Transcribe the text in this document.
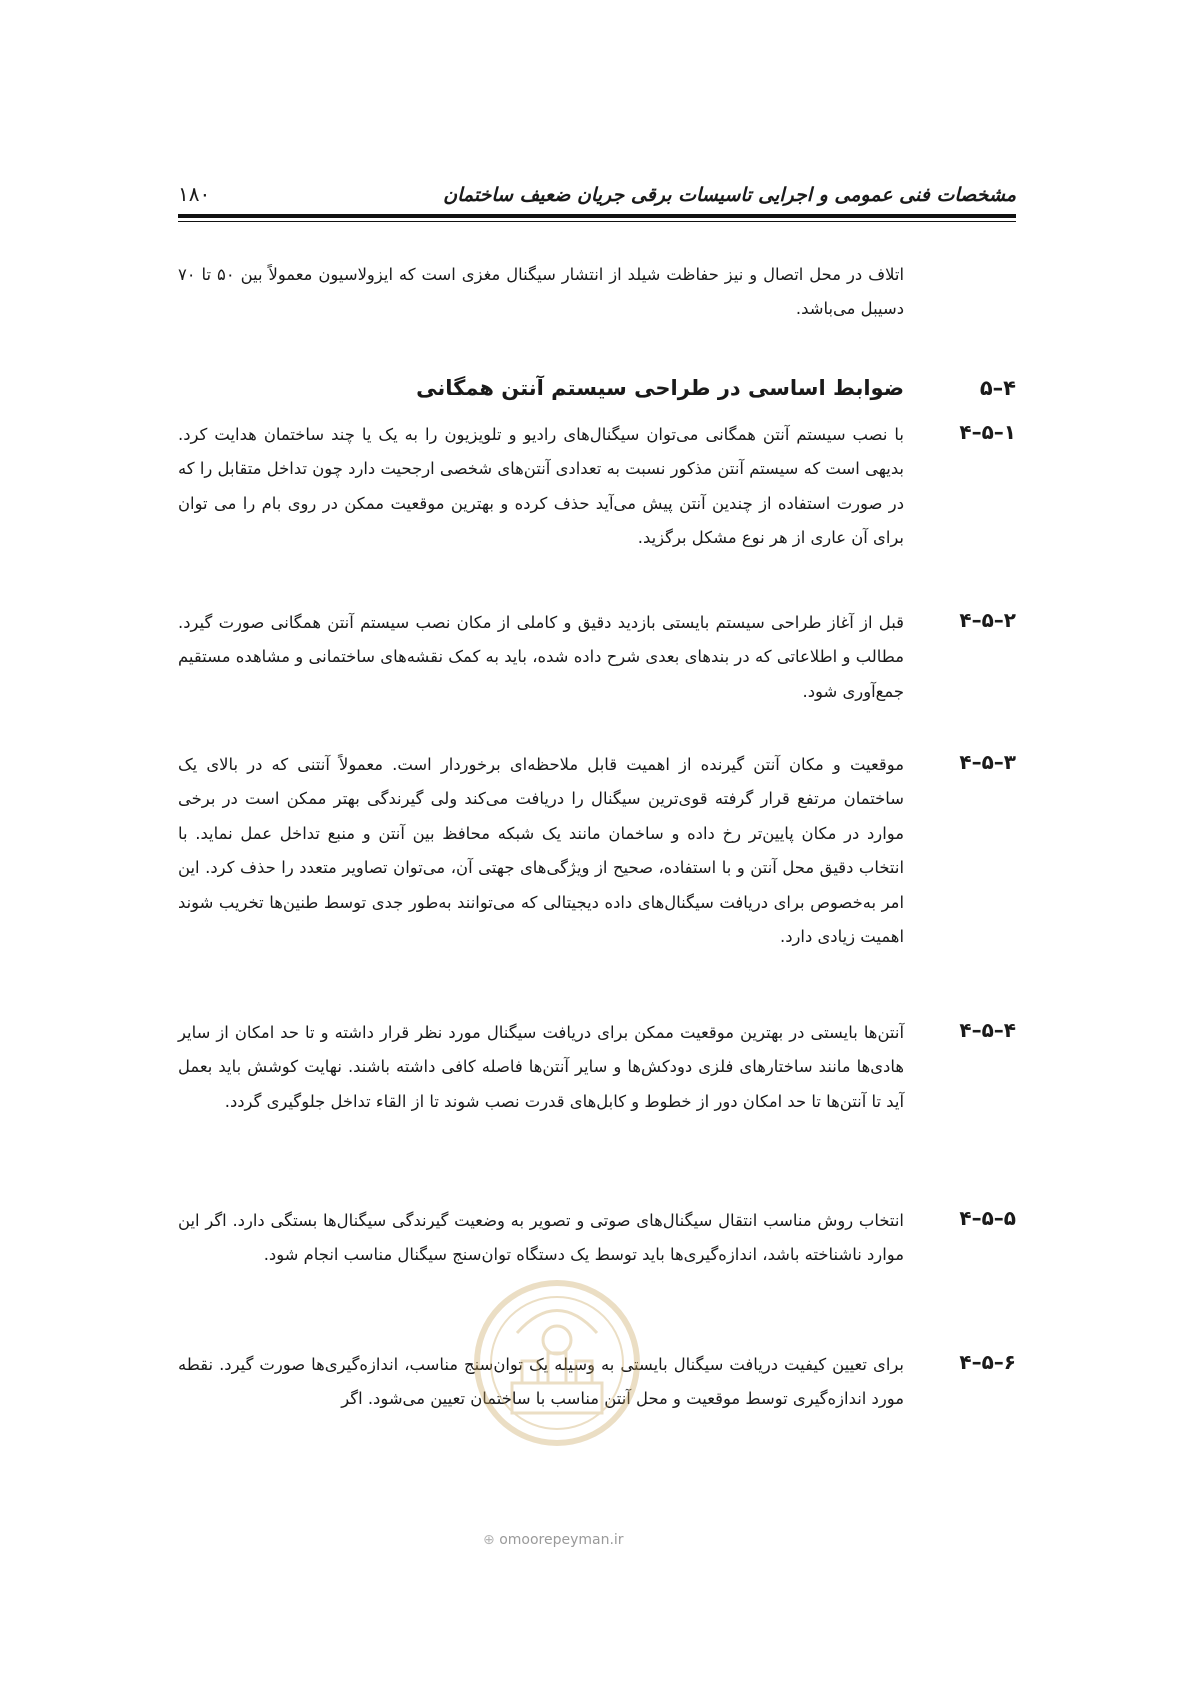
مشخصات فنی عمومی و اجرایی تاسیسات برقی جریان ضعیف ساختمان
۱۸۰

اتلاف در محل اتصال و نیز حفاظت شیلد از انتشار سیگنال مغزی است که ایزولاسیون معمولاً بین ۵۰ تا ۷۰ دسیبل می‌باشد.

۴–۵
ضوابط اساسی در طراحی سیستم آنتن همگانی
۴–۵–۱

با نصب سیستم آنتن همگانی می‌توان سیگنال‌های رادیو و تلویزیون را به یک یا چند ساختمان هدایت کرد. بدیهی است که سیستم آنتن مذکور نسبت به تعدادی آنتن‌های شخصی ارجحیت دارد چون تداخل متقابل را که در صورت استفاده از چندین آنتن پیش می‌آید حذف کرده و بهترین موقعیت ممکن در روی بام را می توان برای آن عاری از هر نوع مشکل برگزید.

۴–۵–۲

قبل از آغاز طراحی سیستم بایستی بازدید دقیق و کاملی از مکان نصب سیستم آنتن همگانی صورت گیرد. مطالب و اطلاعاتی که در بندهای بعدی شرح داده شده، باید به کمک نقشه‌های ساختمانی و مشاهده مستقیم جمع‌آوری شود.

۴–۵–۳

موقعیت و مکان آنتن گیرنده از اهمیت قابل ملاحظه‌ای برخوردار است. معمولاً آنتنی که در بالای یک ساختمان مرتفع قرار گرفته قوی‌ترین سیگنال را دریافت می‌کند ولی گیرندگی بهتر ممکن است در برخی موارد در مکان پایین‌تر رخ داده و ساخمان مانند یک شبکه محافظ بین آنتن و منبع تداخل عمل نماید. با انتخاب دقیق محل آنتن و با استفاده، صحیح از ویژگی‌های جهتی آن، می‌توان تصاویر متعدد را حذف کرد. این امر به‌خصوص برای دریافت سیگنال‌های داده دیجیتالی که می‌توانند به‌طور جدی توسط طنین‌ها تخریب شوند اهمیت زیادی دارد.

۴–۵–۴

آنتن‌ها بایستی در بهترین موقعیت ممکن برای دریافت سیگنال مورد نظر قرار داشته و تا حد امکان از سایر هادی‌ها مانند ساختارهای فلزی دودکش‌ها و سایر آنتن‌ها فاصله کافی داشته باشند. نهایت کوشش باید بعمل آید تا آنتن‌ها تا حد امکان دور از خطوط و کابل‌های قدرت نصب شوند تا از القاء تداخل جلوگیری گردد.

۴–۵–۵

انتخاب روش مناسب انتقال سیگنال‌های صوتی و تصویر به وضعیت گیرندگی سیگنال‌ها بستگی دارد. اگر این موارد ناشناخته باشد، اندازه‌گیری‌ها باید توسط یک دستگاه توان‌سنج سیگنال مناسب انجام شود.

۴–۵–۶

برای تعیین کیفیت دریافت سیگنال بایستی به وسیله یک توان‌سنج مناسب، اندازه‌گیری‌ها صورت گیرد. نقطه مورد اندازه‌گیری توسط موقعیت و محل آنتن مناسب با ساختمان تعیین می‌شود. اگر

⊕ omoorepeyman.ir
